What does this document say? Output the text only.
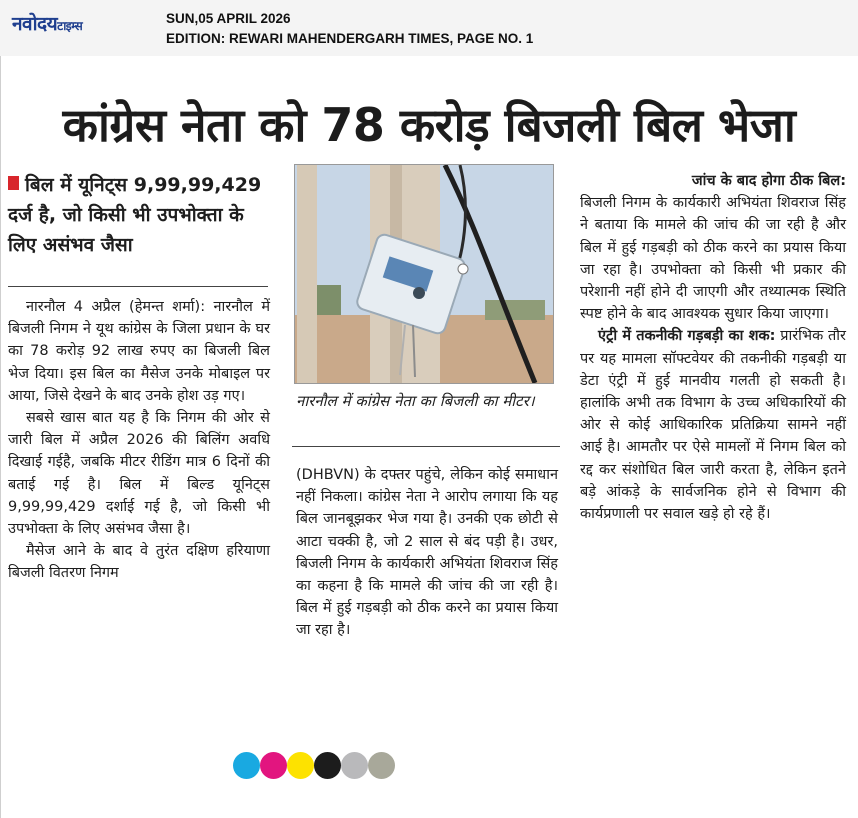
नवोदयटाइम्स	SUN,05 APRIL 2026
EDITION: REWARI MAHENDERGARH TIMES, PAGE NO. 1
कांग्रेस नेता को 78 करोड़ बिजली बिल भेजा
बिल में यूनिट्स 9,99,99,429 दर्ज है, जो किसी भी उपभोक्ता के लिए असंभव जैसा

नारनौल 4 अप्रैल (हेमन्त शर्मा): नारनौल में बिजली निगम ने यूथ कांग्रेस के जिला प्रधान के घर का 78 करोड़ 92 लाख रुपए का बिजली बिल भेज दिया। इस बिल का मैसेज उनके मोबाइल पर आया, जिसे देखने के बाद उनके होश उड़ गए।

सबसे खास बात यह है कि निगम की ओर से जारी बिल में अप्रैल 2026 की बिलिंग अवधि दिखाई गईहै, जबकि मीटर रीडिंग मात्र 6 दिनों की बताई गई है। बिल में बिल्ड यूनिट्स 9,99,99,429 दर्शाई गई है, जो किसी भी उपभोक्ता के लिए असंभव जैसा है।

मैसेज आने के बाद वे तुरंत दक्षिण हरियाणा बिजली वितरण निगम

नारनौल में कांग्रेस नेता का बिजली का मीटर।

(DHBVN) के दफ्तर पहुंचे, लेकिन कोई समाधान नहीं निकला। कांग्रेस नेता ने आरोप लगाया कि यह बिल जानबूझकर भेज गया है। उनकी एक छोटी से आटा चक्की है, जो 2 साल से बंद पड़ी है। उधर, बिजली निगम के कार्यकारी अभियंता शिवराज सिंह का कहना है कि मामले की जांच की जा रही है। बिल में हुई गड़बड़ी को ठीक करने का प्रयास किया जा रहा है।

जांच के बाद होगा ठीक बिल:

बिजली निगम के कार्यकारी अभियंता शिवराज सिंह ने बताया कि मामले की जांच की जा रही है और बिल में हुई गड़बड़ी को ठीक करने का प्रयास किया जा रहा है। उपभोक्ता को किसी भी प्रकार की परेशानी नहीं होने दी जाएगी और तथ्यात्मक स्थिति स्पष्ट होने के बाद आवश्यक सुधार किया जाएगा।

एंट्री में तकनीकी गड़बड़ी का शक: प्रारंभिक तौर पर यह मामला सॉफ्टवेयर की तकनीकी गड़बड़ी या डेटा एंट्री में हुई मानवीय गलती हो सकती है। हालांकि अभी तक विभाग के उच्च अधिकारियों की ओर से कोई आधिकारिक प्रतिक्रिया सामने नहीं आई है। आमतौर पर ऐसे मामलों में निगम बिल को रद्द कर संशोधित बिल जारी करता है, लेकिन इतने बड़े आंकड़े के सार्वजनिक होने से विभाग की कार्यप्रणाली पर सवाल खड़े हो रहे हैं।
